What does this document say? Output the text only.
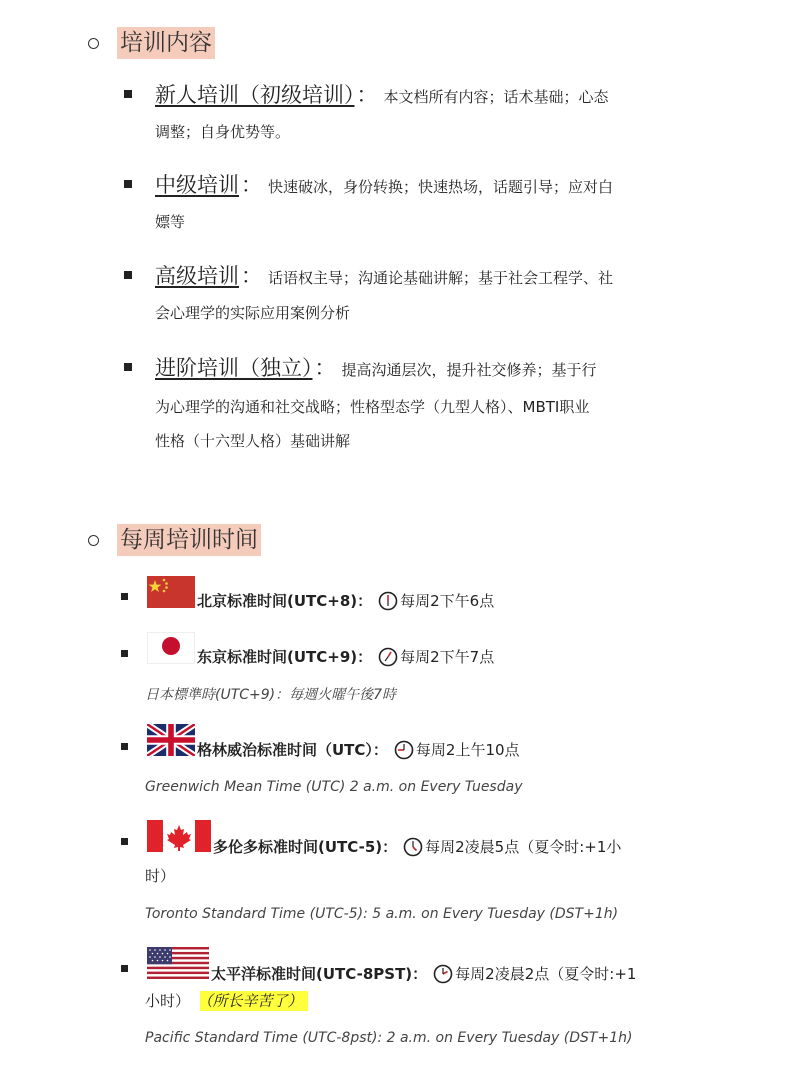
培训内容
新人培训（初级培训）： 本文档所有内容；话术基础；心态
调整；自身优势等。
中级培训： 快速破冰，身份转换；快速热场，话题引导；应对白
嫖等
高级培训： 话语权主导；沟通论基础讲解；基于社会工程学、社
会心理学的实际应用案例分析
进阶培训（独立）： 提高沟通层次，提升社交修养；基于行
为心理学的沟通和社交战略；性格型态学（九型人格）、MBTI职业
性格（十六型人格）基础讲解
每周培训时间
北京标准时间(UTC+8)： 每周2下午6点
东京标准时间(UTC+9)： 每周2下午7点
日本標準時(UTC+9)：毎週火曜午後7時
格林威治标准时间（UTC）： 每周2上午10点
Greenwich Mean Time (UTC) 2 a.m. on Every Tuesday
多伦多标准时间(UTC-5)： 每周2凌晨5点（夏令时:+1小
时）
Toronto Standard Time (UTC-5): 5 a.m. on Every Tuesday (DST+1h)
太平洋标准时间(UTC-8PST)： 每周2凌晨2点（夏令时:+1
小时） （所长辛苦了）
Pacific Standard Time (UTC-8pst): 2 a.m. on Every Tuesday (DST+1h)
